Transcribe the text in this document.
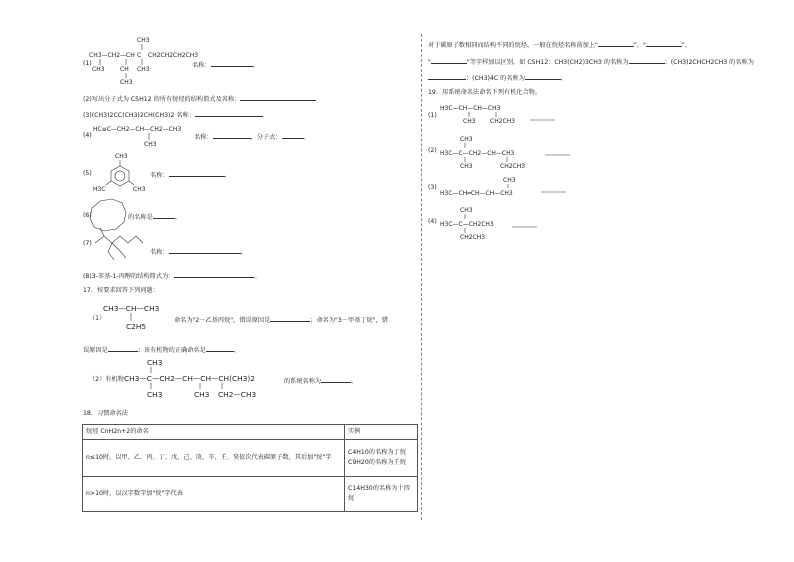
CH3
CH3—CH2—CH C CH2CH2CH2CH3
CH3	CH CH3
CH3
HC≡C—CH2—CH—CH2—CH3
CH3
CH3
CH3
H3C
CH3—CH—CH3
C2H5
CH3
CH3—C—CH2—CH—CH—CH(CH3)2
CH3	CH3 CH2—CH3
H3C—CH—CH—CH3
CH3 CH2CH3
CH3
H3C—C—CH2—CH—CH3
CH3	CH2CH3
CH3
H3C—CH═CH—CH—CH3
CH3
H3C—C—CH2CH3
CH2CH3
(1)	名称：	。
(2)写出分子式为 C5H12 的所有烷烃的结构简式及名称：
(3)(CH3)2CC(CH3)2CH(CH3)2 名称：
(4)	名称：	，分子式：	。
(5)	名称：	。
(6)	的名称是	。
(7)
名称：	。
(8)3-苯基-1-丙醇的结构简式为：	。
17．按要求回答下列问题：
（1）	命名为"2－乙基丙烷"，错误原因是	；命名为"3－甲基丁烷"，错
误原因是	；该有机物的正确命名是	。
（2）有机物	的系统名称为	。
18．习惯命名法
烷烃 CnH2n+2的命名	实例
n≤10时，以甲、乙、丙、丁、戊、己、庚、辛、壬、癸依次代表碳原子数，其后加"烷"字	C4H10的名称为丁烷
C9H20的名称为壬烷

n>10时，以汉字数字加"烷"字代表	C14H30的名称为十四烷
对于碳原子数相同而结构不同的烷烃，一般在烷烃名称前加上"	"、"	"、
"	"等字样加以区别。如 C5H12：CH3(CH2)3CH3 的名称为	；(CH3)2CHCH2CH3 的名称为
；(CH3)4C 的名称为	。
19．用系统命名法命名下列有机化合物。
(1)
(2)
(3)
(4)
